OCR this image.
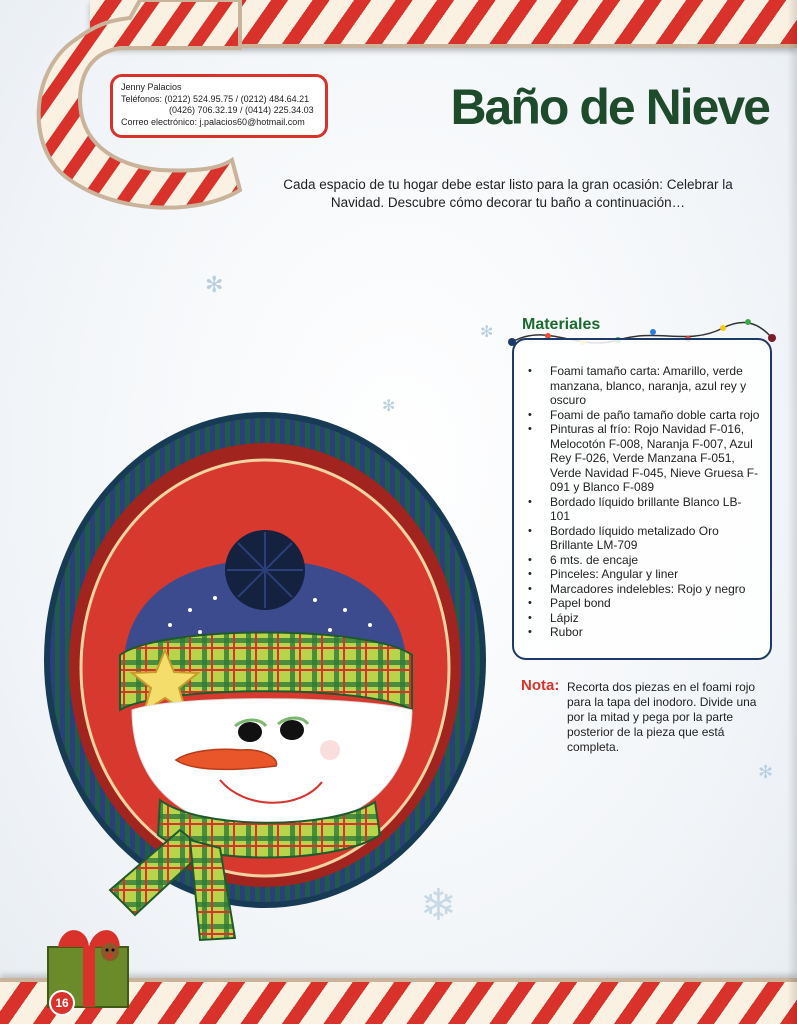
Jenny Palacios
Teléfonos: (0212) 524.95.75 / (0212) 484.64.21
(0426) 706.32.19 / (0414) 225.34.03
Correo electrónico: j.palacios60@hotmail.com	Baño de Nieve

Cada espacio de tu hogar debe estar listo para la gran ocasión: Celebrar la Navidad. Descubre cómo decorar tu baño a continuación…

✻
✻
✻
✻
❄
Materiales
• Foami tamaño carta: Amarillo, verde manzana, blanco, naranja, azul rey y oscuro
• Foami de paño tamaño doble carta rojo
• Pinturas al frío: Rojo Navidad F-016, Melocotón F-008, Naranja F-007, Azul Rey F-026, Verde Manzana F-051, Verde Navidad F-045, Nieve Gruesa F-091 y Blanco F-089
• Bordado líquido brillante Blanco LB-101
• Bordado líquido metalizado Oro Brillante LM-709
• 6 mts. de encaje
• Pinceles: Angular y liner
• Marcadores indelebles: Rojo y negro
• Papel bond
• Lápiz
• Rubor
Nota: Recorta dos piezas en el foami rojo para la tapa del inodoro. Divide una por la mitad y pega por la parte posterior de la pieza que está completa.
16
